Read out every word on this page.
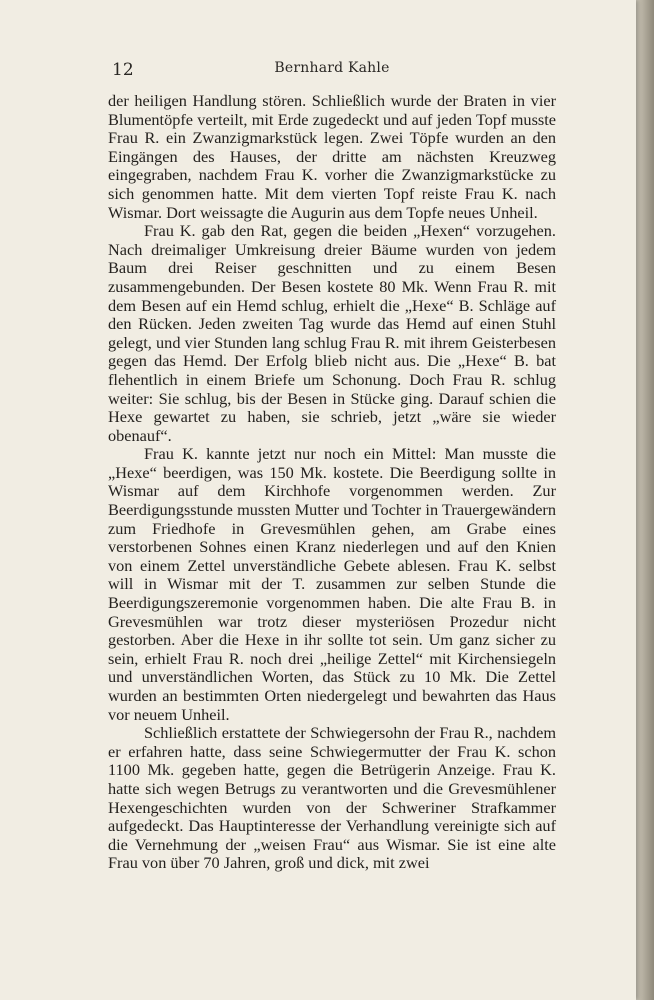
12	Bernhard Kahle

der heiligen Handlung stören. Schließlich wurde der Braten in vier Blumentöpfe verteilt, mit Erde zugedeckt und auf jeden Topf musste Frau R. ein Zwanzigmarkstück legen. Zwei Töpfe wurden an den Eingängen des Hauses, der dritte am nächsten Kreuzweg eingegraben, nachdem Frau K. vorher die Zwanzigmarkstücke zu sich genommen hatte. Mit dem vierten Topf reiste Frau K. nach Wismar. Dort weissagte die Augurin aus dem Topfe neues Unheil.

Frau K. gab den Rat, gegen die beiden „Hexen“ vorzugehen. Nach dreimaliger Umkreisung dreier Bäume wurden von jedem Baum drei Reiser geschnitten und zu einem Besen zusammengebunden. Der Besen kostete 80 Mk. Wenn Frau R. mit dem Besen auf ein Hemd schlug, erhielt die „Hexe“ B. Schläge auf den Rücken. Jeden zweiten Tag wurde das Hemd auf einen Stuhl gelegt, und vier Stunden lang schlug Frau R. mit ihrem Geisterbesen gegen das Hemd. Der Erfolg blieb nicht aus. Die „Hexe“ B. bat flehentlich in einem Briefe um Schonung. Doch Frau R. schlug weiter: Sie schlug, bis der Besen in Stücke ging. Darauf schien die Hexe gewartet zu haben, sie schrieb, jetzt „wäre sie wieder obenauf“.

Frau K. kannte jetzt nur noch ein Mittel: Man musste die „Hexe“ beerdigen, was 150 Mk. kostete. Die Beerdigung sollte in Wismar auf dem Kirchhofe vorgenommen werden. Zur Beerdigungsstunde mussten Mutter und Tochter in Trauergewändern zum Friedhofe in Grevesmühlen gehen, am Grabe eines verstorbenen Sohnes einen Kranz niederlegen und auf den Knien von einem Zettel unverständliche Gebete ablesen. Frau K. selbst will in Wismar mit der T. zusammen zur selben Stunde die Beerdigungszeremonie vorgenommen haben. Die alte Frau B. in Grevesmühlen war trotz dieser mysteriösen Prozedur nicht gestorben. Aber die Hexe in ihr sollte tot sein. Um ganz sicher zu sein, erhielt Frau R. noch drei „heilige Zettel“ mit Kirchensiegeln und unverständlichen Worten, das Stück zu 10 Mk. Die Zettel wurden an bestimmten Orten niedergelegt und bewahrten das Haus vor neuem Unheil.

Schließlich erstattete der Schwiegersohn der Frau R., nachdem er erfahren hatte, dass seine Schwiegermutter der Frau K. schon 1100 Mk. gegeben hatte, gegen die Betrügerin Anzeige. Frau K. hatte sich wegen Betrugs zu verantworten und die Grevesmühlener Hexengeschichten wurden von der Schweriner Strafkammer aufgedeckt. Das Hauptinteresse der Verhandlung vereinigte sich auf die Vernehmung der „weisen Frau“ aus Wismar. Sie ist eine alte Frau von über 70 Jahren, groß und dick, mit zwei
